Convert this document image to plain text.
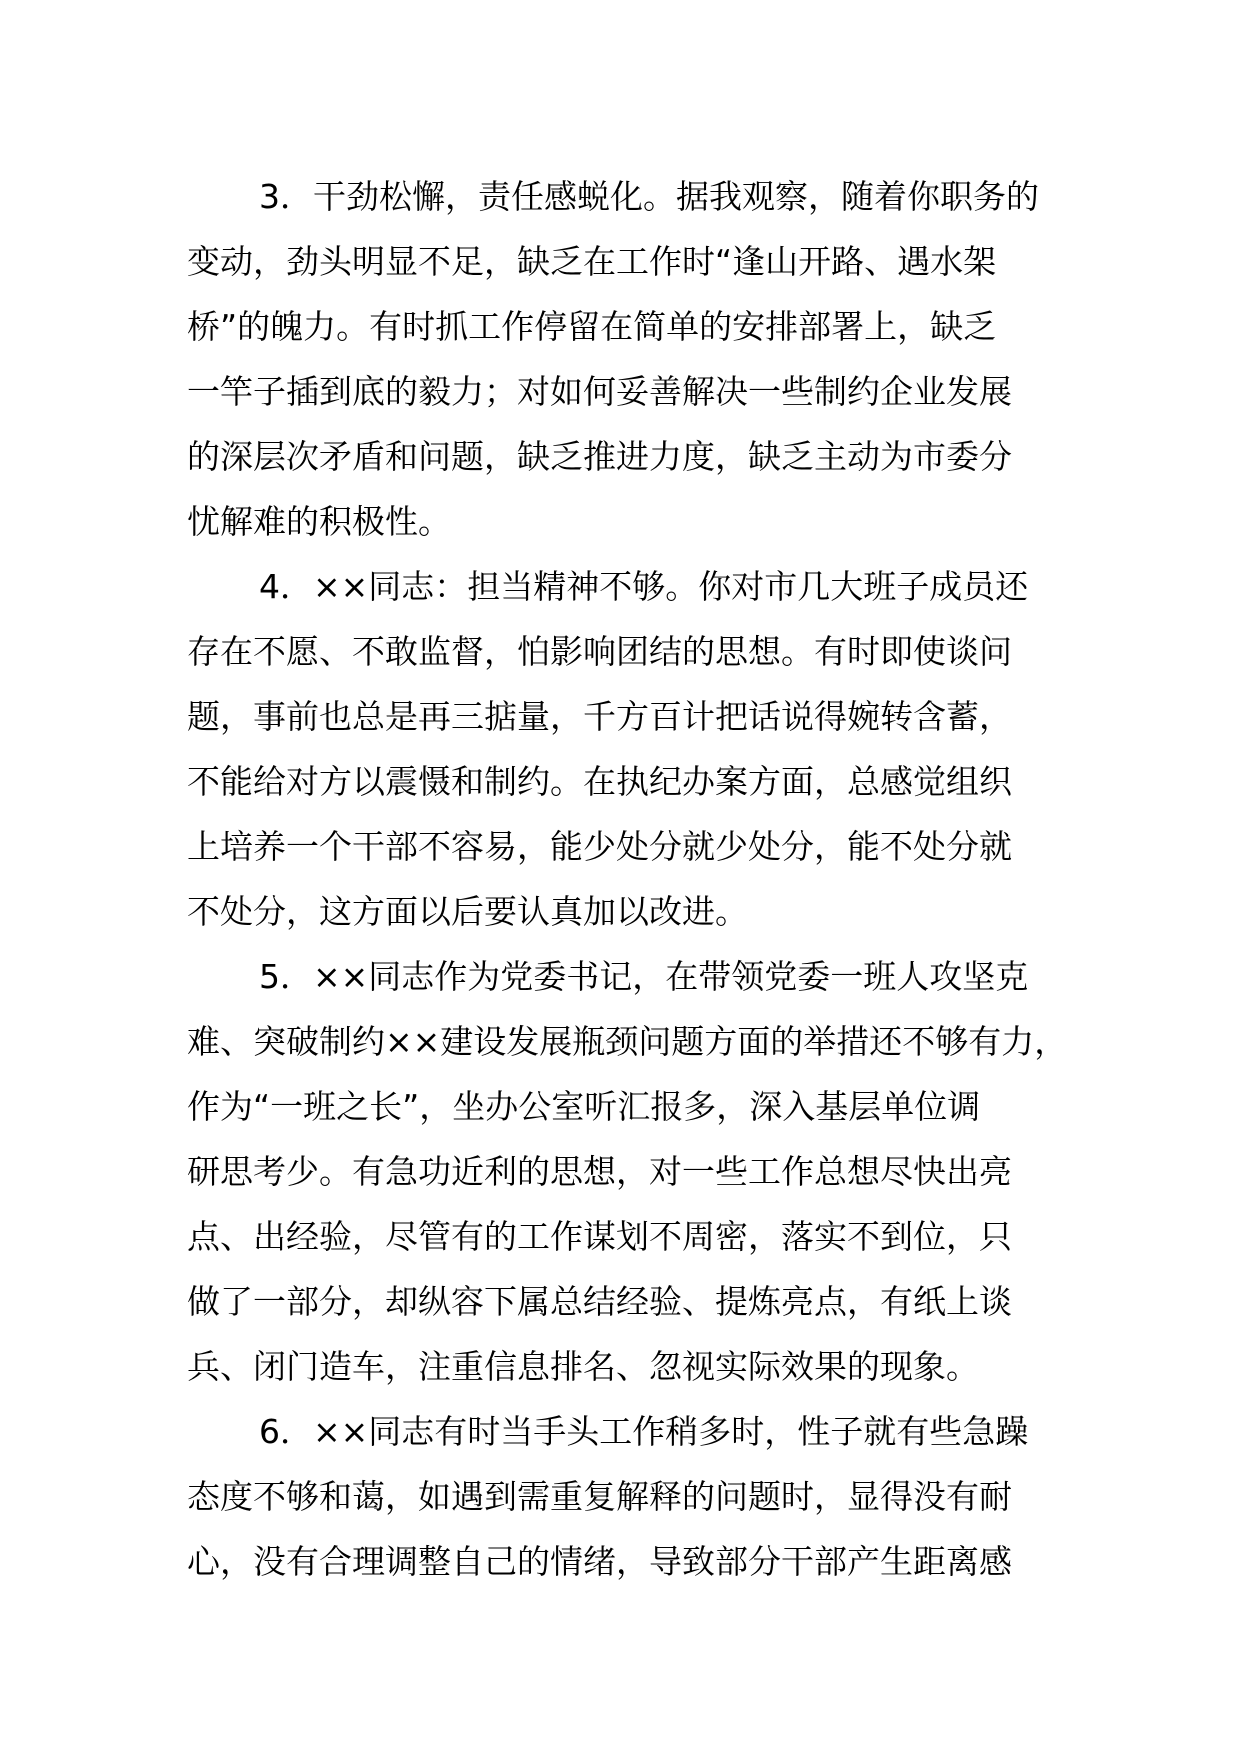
3．干劲松懈，责任感蜕化。据我观察，随着你职务的
变动，劲头明显不足，缺乏在工作时“逢山开路、遇水架
桥”的魄力。有时抓工作停留在简单的安排部署上，缺乏
一竿子插到底的毅力；对如何妥善解决一些制约企业发展
的深层次矛盾和问题，缺乏推进力度，缺乏主动为市委分
忧解难的积极性。
4．××同志：担当精神不够。你对市几大班子成员还
存在不愿、不敢监督，怕影响团结的思想。有时即使谈问
题，事前也总是再三掂量，千方百计把话说得婉转含蓄，
不能给对方以震慑和制约。在执纪办案方面，总感觉组织
上培养一个干部不容易，能少处分就少处分，能不处分就
不处分，这方面以后要认真加以改进。
5．××同志作为党委书记，在带领党委一班人攻坚克
难、突破制约××建设发展瓶颈问题方面的举措还不够有力，
作为“一班之长”，坐办公室听汇报多，深入基层单位调
研思考少。有急功近利的思想，对一些工作总想尽快出亮
点、出经验，尽管有的工作谋划不周密，落实不到位，只
做了一部分，却纵容下属总结经验、提炼亮点，有纸上谈
兵、闭门造车，注重信息排名、忽视实际效果的现象。
6．××同志有时当手头工作稍多时，性子就有些急躁
态度不够和蔼，如遇到需重复解释的问题时，显得没有耐
心，没有合理调整自己的情绪，导致部分干部产生距离感
